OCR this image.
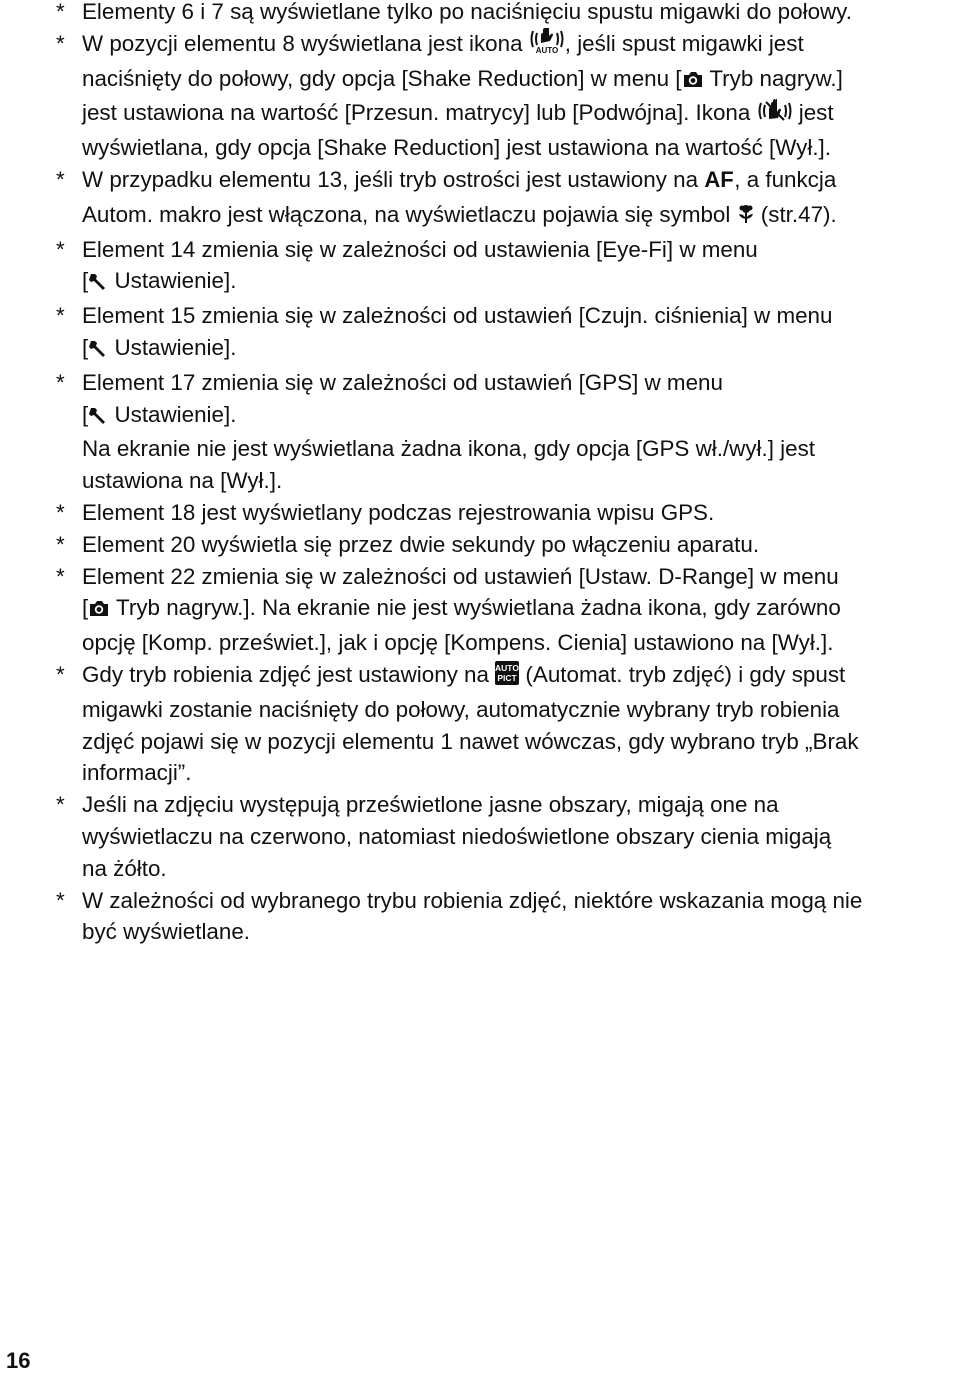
* Elementy 6 i 7 są wyświetlane tylko po naciśnięciu spustu migawki do połowy.
* W pozycji elementu 8 wyświetlana jest ikona AUTO , jeśli spust migawki jest
naciśnięty do połowy, gdy opcja [Shake Reduction] w menu [ Tryb nagryw.]
jest ustawiona na wartość [Przesun. matrycy] lub [Podwójna]. Ikona  jest
wyświetlana, gdy opcja [Shake Reduction] jest ustawiona na wartość [Wył.].
* W przypadku elementu 13, jeśli tryb ostrości jest ustawiony na AF , a funkcja
Autom. makro jest włączona, na wyświetlaczu pojawia się symbol  (str.47).
* Element 14 zmienia się w zależności od ustawienia [Eye-Fi] w menu
[ Ustawienie].
* Element 15 zmienia się w zależności od ustawień [Czujn. ciśnienia] w menu
[ Ustawienie].
* Element 17 zmienia się w zależności od ustawień [GPS] w menu
[ Ustawienie].
Na ekranie nie jest wyświetlana żadna ikona, gdy opcja [GPS wł./wył.] jest
ustawiona na [Wył.].
* Element 18 jest wyświetlany podczas rejestrowania wpisu GPS.
* Element 20 wyświetla się przez dwie sekundy po włączeniu aparatu.
* Element 22 zmienia się w zależności od ustawień [Ustaw. D-Range] w menu
[ Tryb nagryw.]. Na ekranie nie jest wyświetlana żadna ikona, gdy zarówno
opcję [Komp. przeświet.], jak i opcję [Kompens. Cienia] ustawiono na [Wył.].
* Gdy tryb robienia zdjęć jest ustawiony na AUTO
PICT (Automat. tryb zdjęć) i gdy spust
migawki zostanie naciśnięty do połowy, automatycznie wybrany tryb robienia
zdjęć pojawi się w pozycji elementu 1 nawet wówczas, gdy wybrano tryb „Brak
informacji”.
* Jeśli na zdjęciu występują prześwietlone jasne obszary, migają one na
wyświetlaczu na czerwono, natomiast niedoświetlone obszary cienia migają
na żółto.
* W zależności od wybranego trybu robienia zdjęć, niektóre wskazania mogą nie
być wyświetlane.
16
